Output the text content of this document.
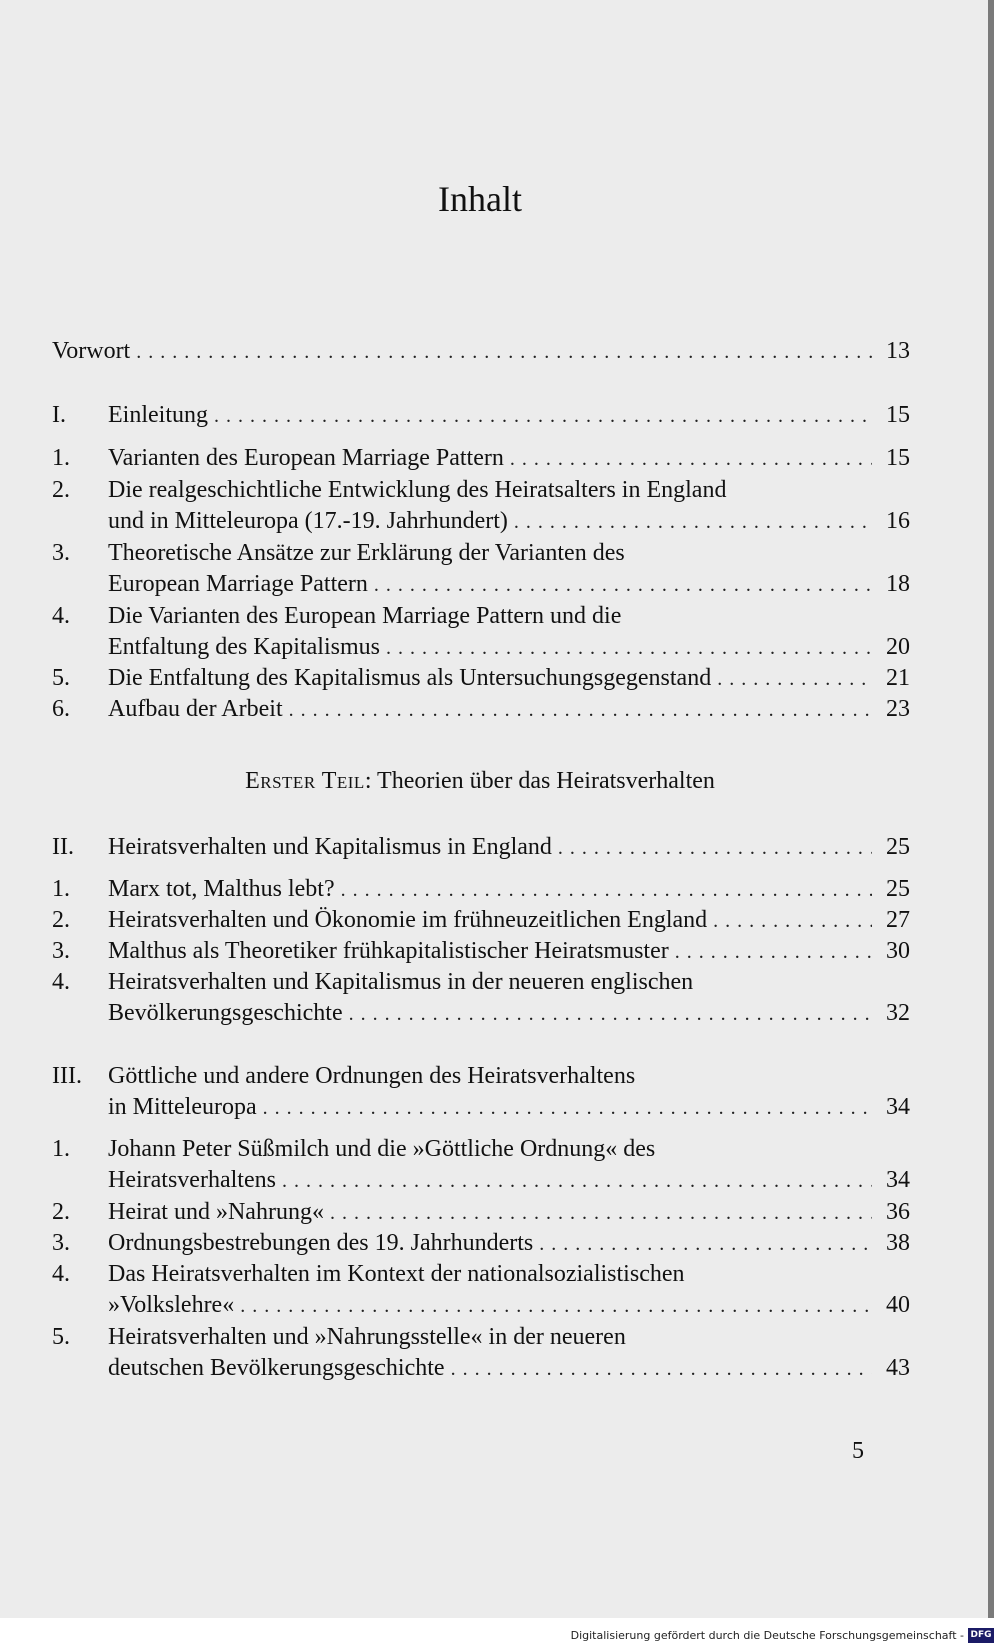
Inhalt
Vorwort . . .	13
I. Einleitung . . .	15
1. Varianten des European Marriage Pattern . . .	15
2. Die realgeschichtliche Entwicklung des Heiratsalters in England
und in Mitteleuropa (17.-19. Jahrhundert) . . .	16
3. Theoretische Ansätze zur Erklärung der Varianten des
European Marriage Pattern . . .	18
4. Die Varianten des European Marriage Pattern und die
Entfaltung des Kapitalismus . . .	20
5. Die Entfaltung des Kapitalismus als Untersuchungsgegenstand . . .	21
6. Aufbau der Arbeit . . .	23
Erster Teil: Theorien über das Heiratsverhalten
II. Heiratsverhalten und Kapitalismus in England . . .	25
1. Marx tot, Malthus lebt? . . .	25
2. Heiratsverhalten und Ökonomie im frühneuzeitlichen England . . .	27
3. Malthus als Theoretiker frühkapitalistischer Heiratsmuster . . .	30
4. Heiratsverhalten und Kapitalismus in der neueren englischen
Bevölkerungsgeschichte . . .	32
III. Göttliche und andere Ordnungen des Heiratsverhaltens
in Mitteleuropa . . .	34
1. Johann Peter Süßmilch und die »Göttliche Ordnung« des
Heiratsverhaltens . . .	34
2. Heirat und »Nahrung« . . .	36
3. Ordnungsbestrebungen des 19. Jahrhunderts . . .	38
4. Das Heiratsverhalten im Kontext der nationalsozialistischen
»Volkslehre« . . .	40
5. Heiratsverhalten und »Nahrungsstelle« in der neueren
deutschen Bevölkerungsgeschichte . . .	43
5
Digitalisierung gefördert durch die Deutsche Forschungsgemeinschaft - DFG
